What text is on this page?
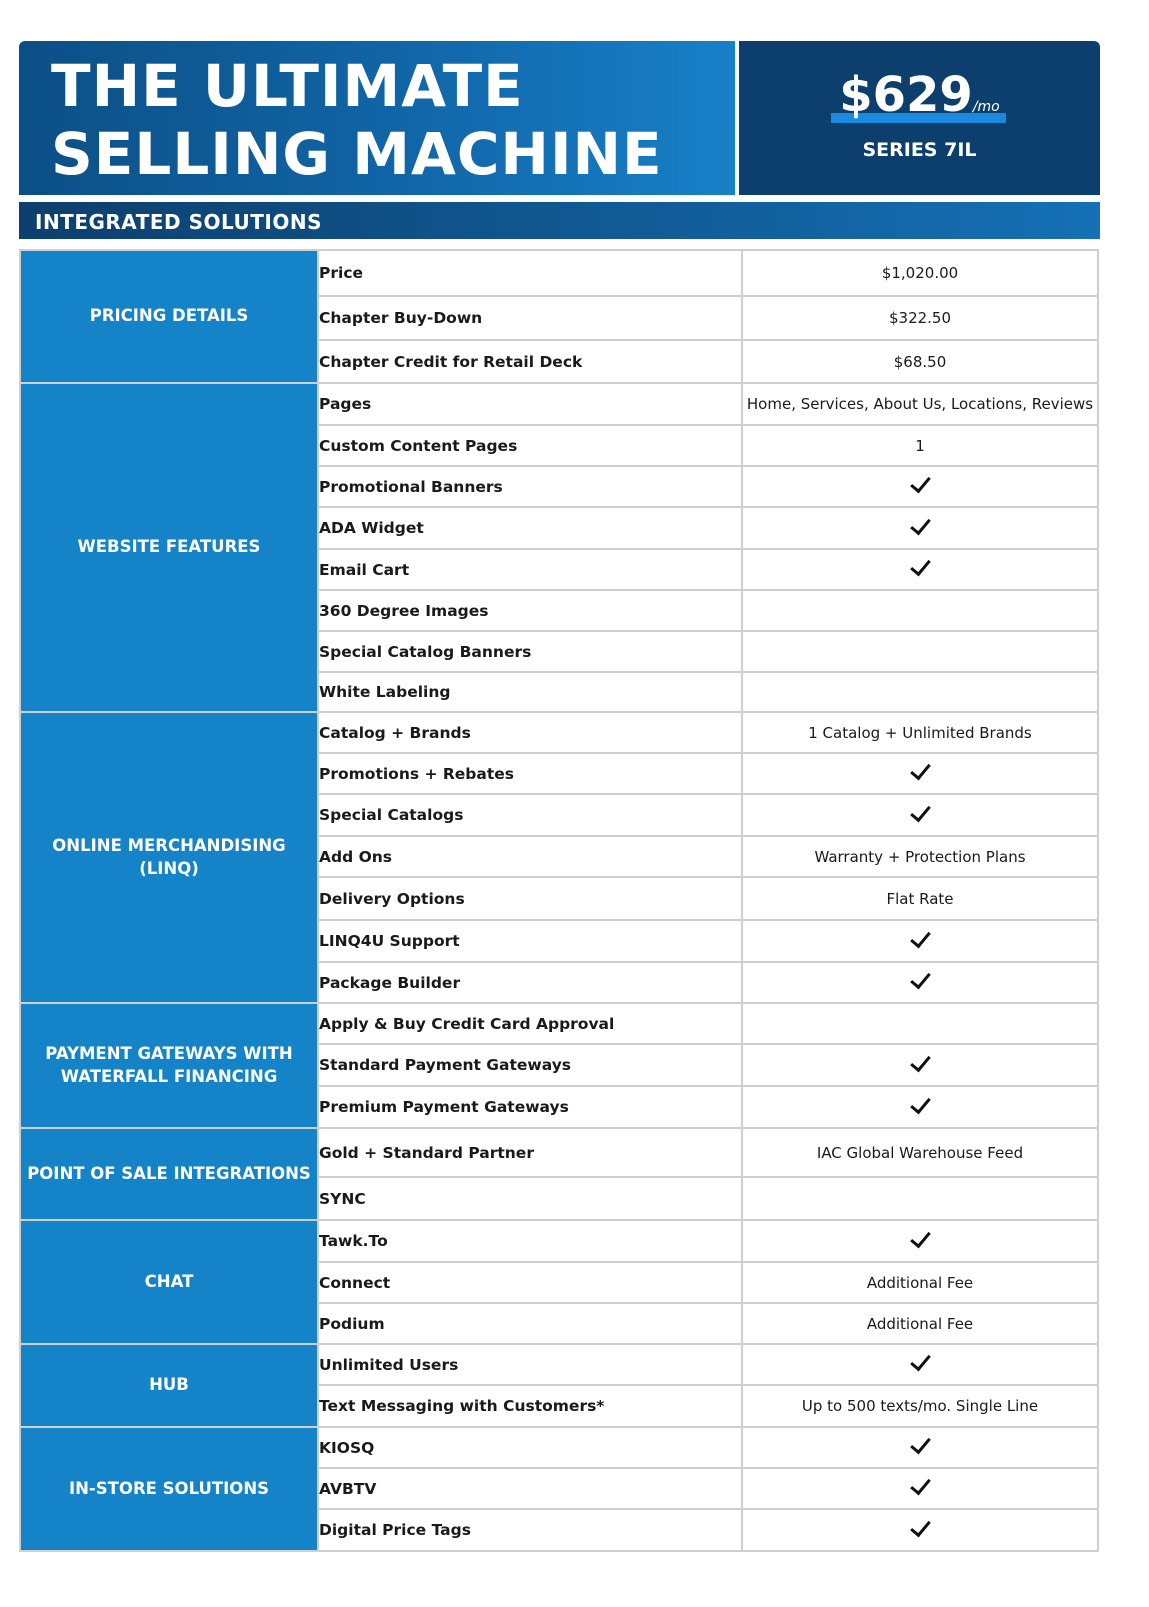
THE ULTIMATE
SELLING MACHINE
$629/mo
SERIES 7IL
INTEGRATED SOLUTIONS
PRICING DETAILS	Price	$1,020.00
	Chapter Buy-Down	$322.50
	Chapter Credit for Retail Deck	$68.50
WEBSITE FEATURES	Pages	Home, Services, About Us, Locations, Reviews
	Custom Content Pages	1
	Promotional Banners	
	ADA Widget	
	Email Cart	
	360 Degree Images	
	Special Catalog Banners	
	White Labeling	
ONLINE MERCHANDISING (LINQ)	Catalog + Brands	1 Catalog + Unlimited Brands
	Promotions + Rebates	
	Special Catalogs	
	Add Ons	Warranty + Protection Plans
	Delivery Options	Flat Rate
	LINQ4U Support	
	Package Builder	
PAYMENT GATEWAYS WITH WATERFALL FINANCING	Apply & Buy Credit Card Approval	
	Standard Payment Gateways	
	Premium Payment Gateways	
POINT OF SALE INTEGRATIONS	Gold + Standard Partner	IAC Global Warehouse Feed
	SYNC	
CHAT	Tawk.To	
	Connect	Additional Fee
	Podium	Additional Fee
HUB	Unlimited Users	
	Text Messaging with Customers*	Up to 500 texts/mo. Single Line
IN-STORE SOLUTIONS	KIOSQ	
	AVBTV	
	Digital Price Tags	
